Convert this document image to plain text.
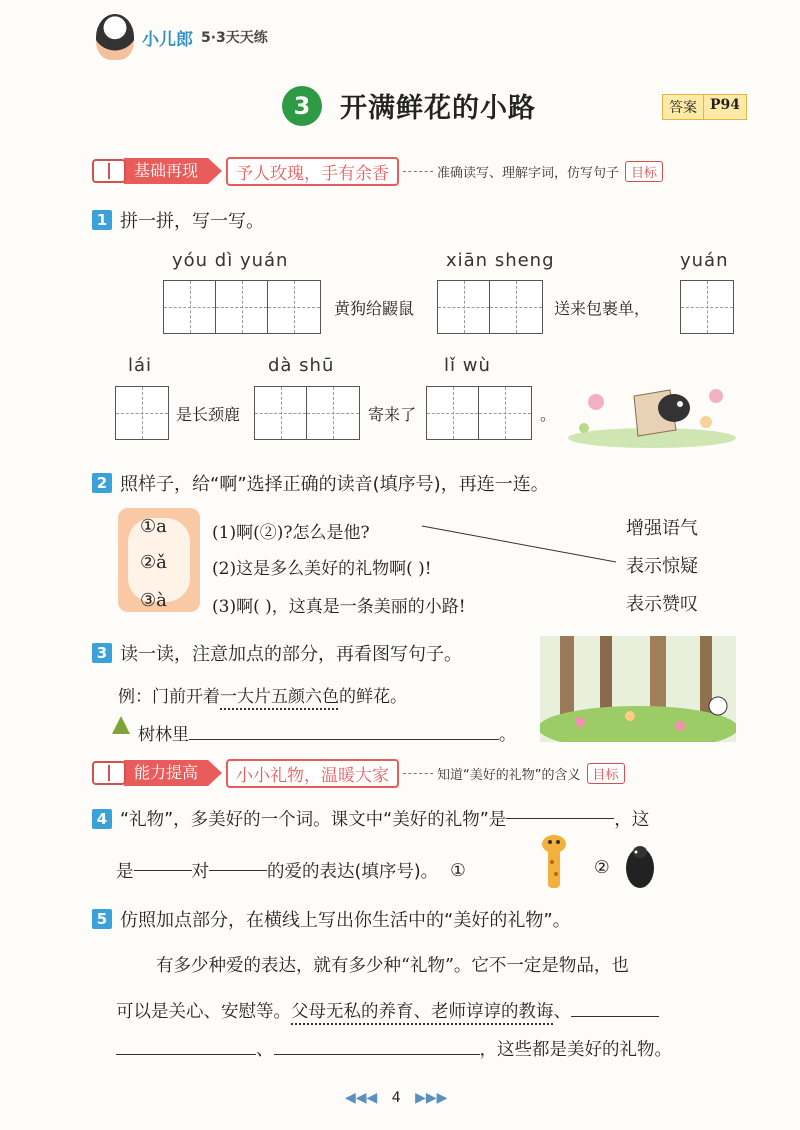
小儿郎 5·3天天练
3	开满鲜花的小路	答案 P94
基础再现	予人玫瑰，手有余香	准确读写、理解字词，仿写句子 目标
1 拼一拼，写一写。
yóu dì yuán	xiān sheng	yuán
黄狗给鼹鼠	送来包裹单，
lái	dà shū	lǐ wù
是长颈鹿	寄来了	。
2 照样子，给“啊”选择正确的读音(填序号)，再连一连。
①a
②ǎ
③à
(1)啊(②)?怎么是他?
(2)这是多么美好的礼物啊( )!
(3)啊( )，这真是一条美丽的小路!
增强语气
表示惊疑
表示赞叹
3 读一读，注意加点的部分，再看图写句子。
例：门前开着一大片五颜六色的鲜花。
树林里	。
能力提高	小小礼物，温暖大家	知道“美好的礼物”的含义 目标
4 “礼物”，多美好的一个词。课文中“美好的礼物”是	，这
是	对	的爱的表达(填序号)。 ①	②
5 仿照加点部分，在横线上写出你生活中的“美好的礼物”。
有多少种爱的表达，就有多少种“礼物”。它不一定是物品，也
可以是关心、安慰等。父母无私的养育、老师谆谆的教诲、
、	，这些都是美好的礼物。
◀◀◀ 4 ▶▶▶
